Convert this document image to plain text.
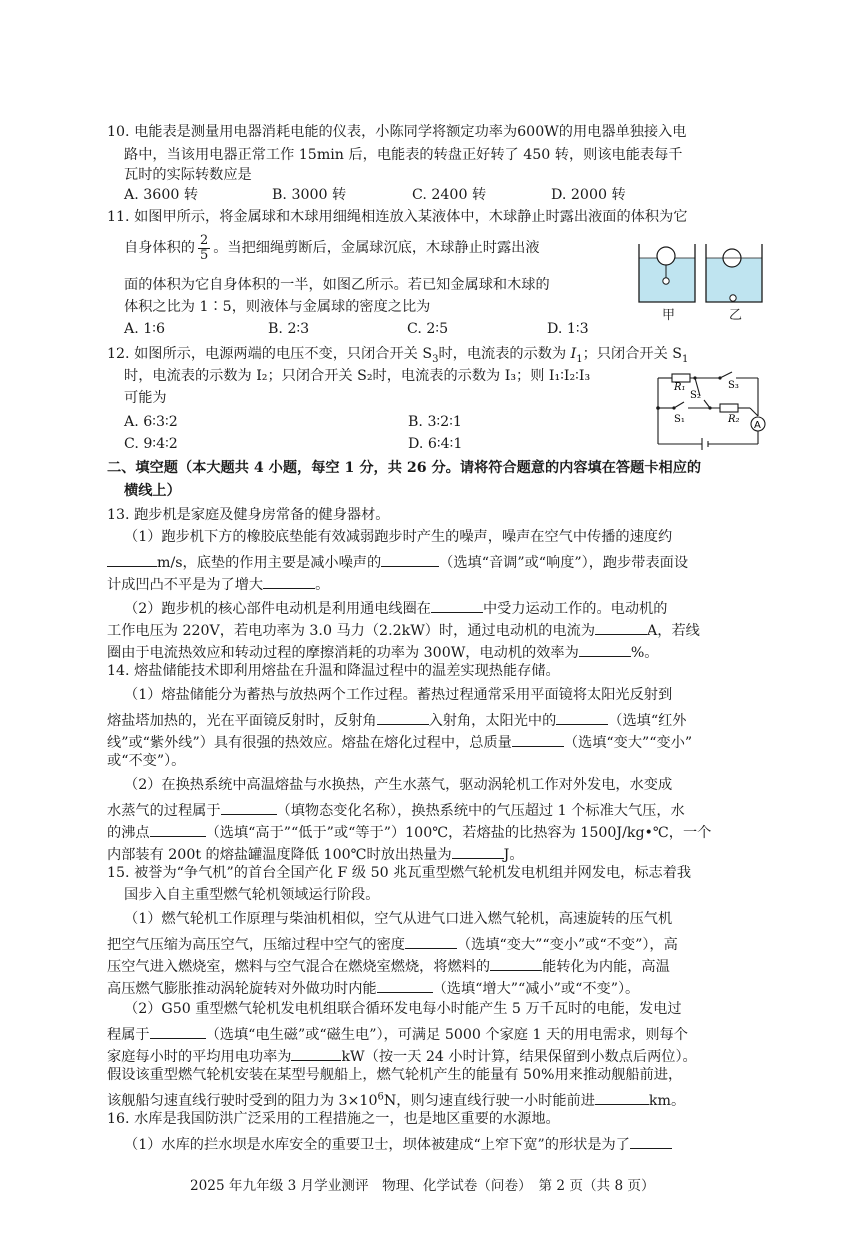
10. 电能表是测量用电器消耗电能的仪表，小陈同学将额定功率为600W的用电器单独接入电
路中，当该用电器正常工作 15min 后，电能表的转盘正好转了 450 转，则该电能表每千
瓦时的实际转数应是
A. 3600 转	B. 3000 转	C. 2400 转	D. 2000 转
11. 如图甲所示，将金属球和木球用细绳相连放入某液体中，木球静止时露出液面的体积为它
自身体积的 $\frac{2}{5}$ 。当把细绳剪断后，金属球沉底，木球静止时露出液
面的体积为它自身体积的一半，如图乙所示。若已知金属球和木球的
体积之比为 1∶5，则液体与金属球的密度之比为
A. 1∶6	B. 2∶3	C. 2∶5	D. 1∶3
甲	乙
12. 如图所示，电源两端的电压不变，只闭合开关 $S_3$时，电流表的示数为 $I_1$；只闭合开关 $S_1$
时，电流表的示数为 I₂；只闭合开关 S₂时，电流表的示数为 I₃；则 I₁∶I₂∶I₃
可能为
A. 6∶3∶2	B. 3∶2∶1
C. 9∶4∶2	D. 6∶4∶1
R₁	S₃
S₂
S₁	R₂
A
二、填空题（本大题共 4 小题，每空 1 分，共 26 分。请将符合题意的内容填在答题卡相应的
横线上）
13. 跑步机是家庭及健身房常备的健身器材。
（1）跑步机下方的橡胶底垫能有效减弱跑步时产生的噪声，噪声在空气中传播的速度约
m/s，底垫的作用主要是减小噪声的	（选填“音调”或“响度”），跑步带表面设
计成凹凸不平是为了增大	。
（2）跑步机的核心部件电动机是利用通电线圈在	中受力运动工作的。电动机的
工作电压为 220V，若电功率为 3.0 马力（2.2kW）时，通过电动机的电流为	A，若线
圈由于电流热效应和转动过程的摩擦消耗的功率为 300W，电动机的效率为	%。
14. 熔盐储能技术即利用熔盐在升温和降温过程中的温差实现热能存储。
（1）熔盐储能分为蓄热与放热两个工作过程。蓄热过程通常采用平面镜将太阳光反射到
熔盐塔加热的，光在平面镜反射时，反射角	入射角，太阳光中的	（选填“红外
线”或“紫外线”）具有很强的热效应。熔盐在熔化过程中，总质量	（选填“变大”“变小”
或“不变”）。
（2）在换热系统中高温熔盐与水换热，产生水蒸气，驱动涡轮机工作对外发电，水变成
水蒸气的过程属于	（填物态变化名称），换热系统中的气压超过 1 个标准大气压，水
的沸点	（选填“高于”“低于”或“等于”）100℃，若熔盐的比热容为 1500J/kg•℃，一个
内部装有 200t 的熔盐罐温度降低 100℃时放出热量为	J。
15. 被誉为“争气机”的首台全国产化 F 级 50 兆瓦重型燃气轮机发电机组并网发电，标志着我
国步入自主重型燃气轮机领域运行阶段。
（1）燃气轮机工作原理与柴油机相似，空气从进气口进入燃气轮机，高速旋转的压气机
把空气压缩为高压空气，压缩过程中空气的密度	（选填“变大”“变小”或“不变”），高
压空气进入燃烧室，燃料与空气混合在燃烧室燃烧，将燃料的	能转化为内能，高温
高压燃气膨胀推动涡轮旋转对外做功时内能	（选填“增大”“减小”或“不变”）。
（2）G50 重型燃气轮机发电机组联合循环发电每小时能产生 5 万千瓦时的电能，发电过
程属于	（选填“电生磁”或“磁生电”），可满足 5000 个家庭 1 天的用电需求，则每个
家庭每小时的平均用电功率为	kW（按一天 24 小时计算，结果保留到小数点后两位）。
假设该重型燃气轮机安装在某型号舰船上，燃气轮机产生的能量有 50%用来推动舰船前进，
该舰船匀速直线行驶时受到的阻力为 $3\times 10^6N$，则匀速直线行驶一小时能前进	km。
16. 水库是我国防洪广泛采用的工程措施之一，也是地区重要的水源地。
（1）水库的拦水坝是水库安全的重要卫士，坝体被建成“上窄下宽”的形状是为了
2025 年九年级 3 月学业测评　物理、化学试卷（问卷）　第 2 页（共 8 页）
